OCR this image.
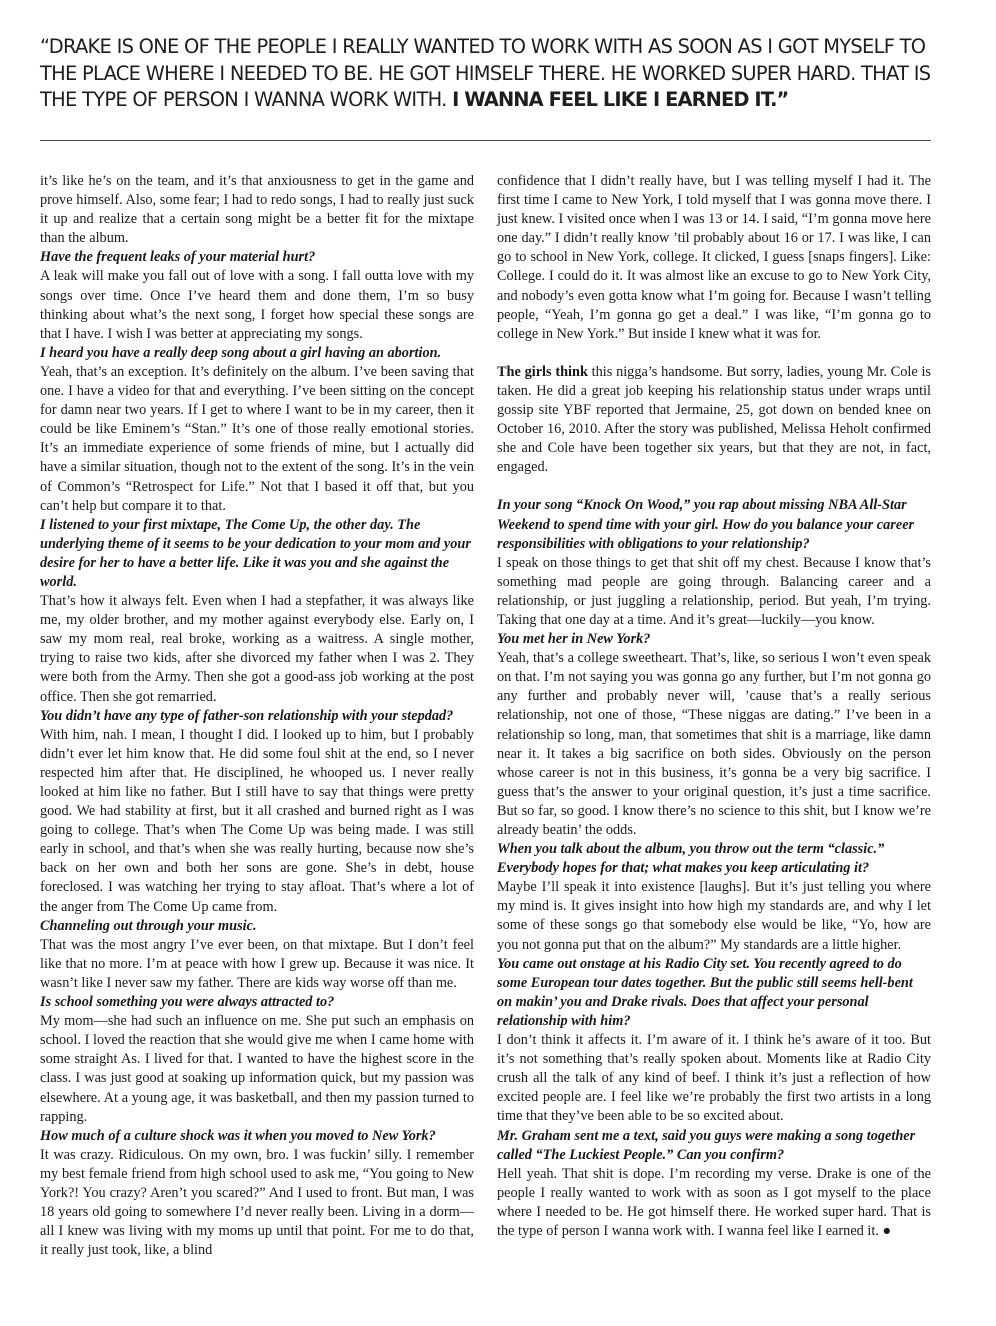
“DRAKE IS ONE OF THE PEOPLE I REALLY WANTED TO WORK WITH AS SOON AS I GOT MYSELF TO THE PLACE WHERE I NEEDED TO BE. HE GOT HIMSELF THERE. HE WORKED SUPER HARD. THAT IS THE TYPE OF PERSON I WANNA WORK WITH. I WANNA FEEL LIKE I EARNED IT.”

it’s like he’s on the team, and it’s that anxiousness to get in the game and prove himself. Also, some fear; I had to redo songs, I had to really just suck it up and realize that a certain song might be a better fit for the mixtape than the album.

Have the frequent leaks of your material hurt?

A leak will make you fall out of love with a song. I fall outta love with my songs over time. Once I’ve heard them and done them, I’m so busy thinking about what’s the next song, I forget how special these songs are that I have. I wish I was better at appreciating my songs.

I heard you have a really deep song about a girl having an abortion.

Yeah, that’s an exception. It’s definitely on the album. I’ve been saving that one. I have a video for that and everything. I’ve been sitting on the concept for damn near two years. If I get to where I want to be in my career, then it could be like Eminem’s “Stan.” It’s one of those really emotional stories. It’s an immediate experience of some friends of mine, but I actually did have a similar situation, though not to the extent of the song. It’s in the vein of Common’s “Retrospect for Life.” Not that I based it off that, but you can’t help but compare it to that.

I listened to your first mixtape, The Come Up, the other day. The underlying theme of it seems to be your dedication to your mom and your desire for her to have a better life. Like it was you and she against the world.

That’s how it always felt. Even when I had a stepfather, it was always like me, my older brother, and my mother against everybody else. Early on, I saw my mom real, real broke, working as a waitress. A single mother, trying to raise two kids, after she divorced my father when I was 2. They were both from the Army. Then she got a good-ass job working at the post office. Then she got remarried.

You didn’t have any type of father-son relationship with your stepdad?

With him, nah. I mean, I thought I did. I looked up to him, but I probably didn’t ever let him know that. He did some foul shit at the end, so I never respected him after that. He disciplined, he whooped us. I never really looked at him like no father. But I still have to say that things were pretty good. We had stability at first, but it all crashed and burned right as I was going to college. That’s when The Come Up was being made. I was still early in school, and that’s when she was really hurting, because now she’s back on her own and both her sons are gone. She’s in debt, house foreclosed. I was watching her trying to stay afloat. That’s where a lot of the anger from The Come Up came from.

Channeling out through your music.

That was the most angry I’ve ever been, on that mixtape. But I don’t feel like that no more. I’m at peace with how I grew up. Because it was nice. It wasn’t like I never saw my father. There are kids way worse off than me.

Is school something you were always attracted to?

My mom—she had such an influence on me. She put such an emphasis on school. I loved the reaction that she would give me when I came home with some straight As. I lived for that. I wanted to have the highest score in the class. I was just good at soaking up information quick, but my passion was elsewhere. At a young age, it was basketball, and then my passion turned to rapping.

How much of a culture shock was it when you moved to New York?

It was crazy. Ridiculous. On my own, bro. I was fuckin’ silly. I remember my best female friend from high school used to ask me, “You going to New York?! You crazy? Aren’t you scared?” And I used to front. But man, I was 18 years old going to somewhere I’d never really been. Living in a dorm—all I knew was living with my moms up until that point. For me to do that, it really just took, like, a blind

confidence that I didn’t really have, but I was telling myself I had it. The first time I came to New York, I told myself that I was gonna move there. I just knew. I visited once when I was 13 or 14. I said, “I’m gonna move here one day.” I didn’t really know ’til probably about 16 or 17. I was like, I can go to school in New York, college. It clicked, I guess [snaps fingers]. Like: College. I could do it. It was almost like an excuse to go to New York City, and nobody’s even gotta know what I’m going for. Because I wasn’t telling people, “Yeah, I’m gonna go get a deal.” I was like, “I’m gonna go to college in New York.” But inside I knew what it was for.

The girls think this nigga’s handsome. But sorry, ladies, young Mr. Cole is taken. He did a great job keeping his relationship status under wraps until gossip site YBF reported that Jermaine, 25, got down on bended knee on October 16, 2010. After the story was published, Melissa Heholt confirmed she and Cole have been together six years, but that they are not, in fact, engaged.

In your song “Knock On Wood,” you rap about missing NBA All-Star Weekend to spend time with your girl. How do you balance your career responsibilities with obligations to your relationship?

I speak on those things to get that shit off my chest. Because I know that’s something mad people are going through. Balancing career and a relationship, or just juggling a relationship, period. But yeah, I’m trying. Taking that one day at a time. And it’s great—luckily—you know.

You met her in New York?

Yeah, that’s a college sweetheart. That’s, like, so serious I won’t even speak on that. I’m not saying you was gonna go any further, but I’m not gonna go any further and probably never will, ’cause that’s a really serious relationship, not one of those, “These niggas are dating.” I’ve been in a relationship so long, man, that sometimes that shit is a marriage, like damn near it. It takes a big sacrifice on both sides. Obviously on the person whose career is not in this business, it’s gonna be a very big sacrifice. I guess that’s the answer to your original question, it’s just a time sacrifice. But so far, so good. I know there’s no science to this shit, but I know we’re already beatin’ the odds.

When you talk about the album, you throw out the term “classic.” Everybody hopes for that; what makes you keep articulating it?

Maybe I’ll speak it into existence [laughs]. But it’s just telling you where my mind is. It gives insight into how high my standards are, and why I let some of these songs go that somebody else would be like, “Yo, how are you not gonna put that on the album?” My standards are a little higher.

You came out onstage at his Radio City set. You recently agreed to do some European tour dates together. But the public still seems hell-bent on makin’ you and Drake rivals. Does that affect your personal relationship with him?

I don’t think it affects it. I’m aware of it. I think he’s aware of it too. But it’s not something that’s really spoken about. Moments like at Radio City crush all the talk of any kind of beef. I think it’s just a reflection of how excited people are. I feel like we’re probably the first two artists in a long time that they’ve been able to be so excited about.

Mr. Graham sent me a text, said you guys were making a song together called “The Luckiest People.” Can you confirm?

Hell yeah. That shit is dope. I’m recording my verse. Drake is one of the people I really wanted to work with as soon as I got myself to the place where I needed to be. He got himself there. He worked super hard. That is the type of person I wanna work with. I wanna feel like I earned it. ●
